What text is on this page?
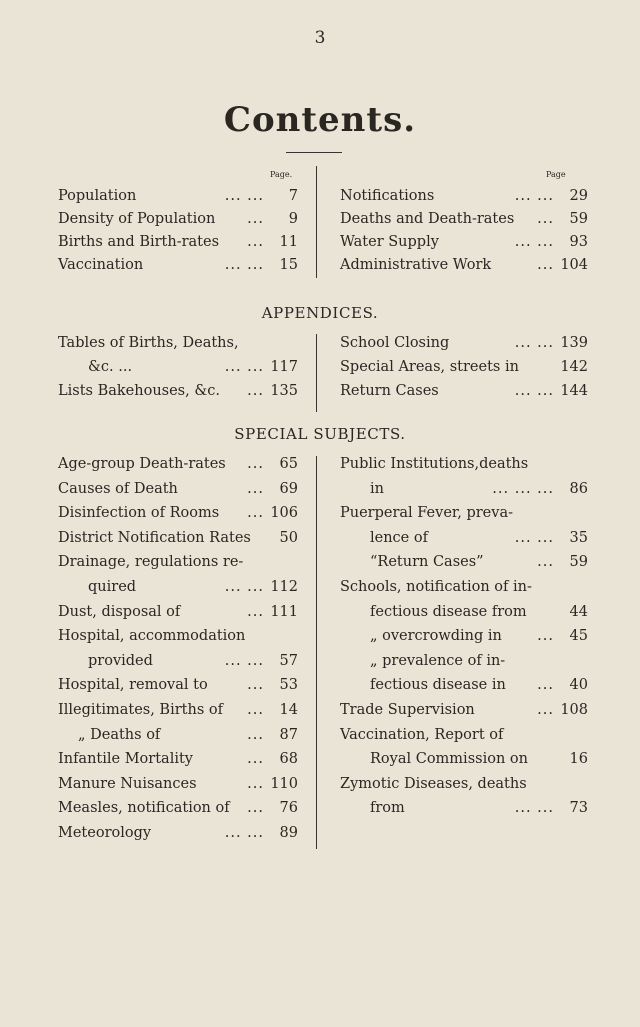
3
Contents.
Page.	Page
Population	... ...	7
Density of Population	...	9
Births and Birth-rates	...	11
Vaccination	... ...	15
Notifications	... ...	29
Deaths and Death-rates	...	59
Water Supply	... ...	93
Administrative Work	... 104
APPENDICES.
Tables of Births, Deaths,
&c. ...	... ... 117
Lists Bakehouses, &c.	... 135
School Closing	... ... 139
Special Areas, streets in	142
Return Cases	... ... 144
SPECIAL SUBJECTS.
Age-group Death-rates	...	65
Causes of Death	...	69
Disinfection of Rooms	... 106
District Notification Rates	50
Drainage, regulations re-
quired	... ... 112
Dust, disposal of	... 111
Hospital, accommodation
provided	... ...	57
Hospital, removal to	...	53
Illegitimates, Births of	...	14
„ Deaths of	...	87
Infantile Mortality	...	68
Manure Nuisances	... 110
Measles, notification of	...	76
Meteorology	... ...	89
Public Institutions,deaths
in	... ... ...	86
Puerperal Fever, preva-
lence of	... ...	35
“Return Cases”	...	59
Schools, notification of in-
fectious disease from	44
„ overcrowding in	...	45
„ prevalence of in-
fectious disease in	...	40
Trade Supervision	... 108
Vaccination, Report of
Royal Commission on	16
Zymotic Diseases, deaths
from	... ...	73
